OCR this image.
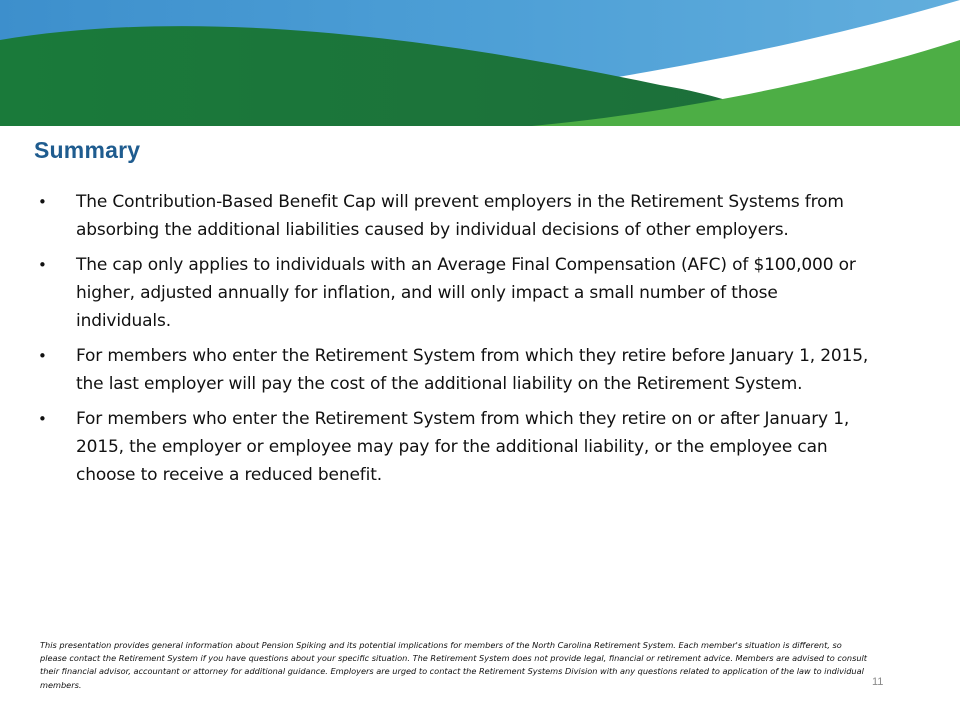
Summary
• The Contribution-Based Benefit Cap will prevent employers in the Retirement Systems from absorbing the additional liabilities caused by individual decisions of other employers.
• The cap only applies to individuals with an Average Final Compensation (AFC) of $100,000 or higher, adjusted annually for inflation, and will only impact a small number of those individuals.
• For members who enter the Retirement System from which they retire before January 1, 2015, the last employer will pay the cost of the additional liability on the Retirement System.
• For members who enter the Retirement System from which they retire on or after January 1, 2015, the employer or employee may pay for the additional liability, or the employee can choose to receive a reduced benefit.

This presentation provides general information about Pension Spiking and its potential implications for members of the North Carolina Retirement System. Each member's situation is different, so please contact the Retirement System if you have questions about your specific situation. The Retirement System does not provide legal, financial or retirement advice. Members are advised to consult their financial advisor, accountant or attorney for additional guidance. Employers are urged to contact the Retirement Systems Division with any questions related to application of the law to individual members.	11
